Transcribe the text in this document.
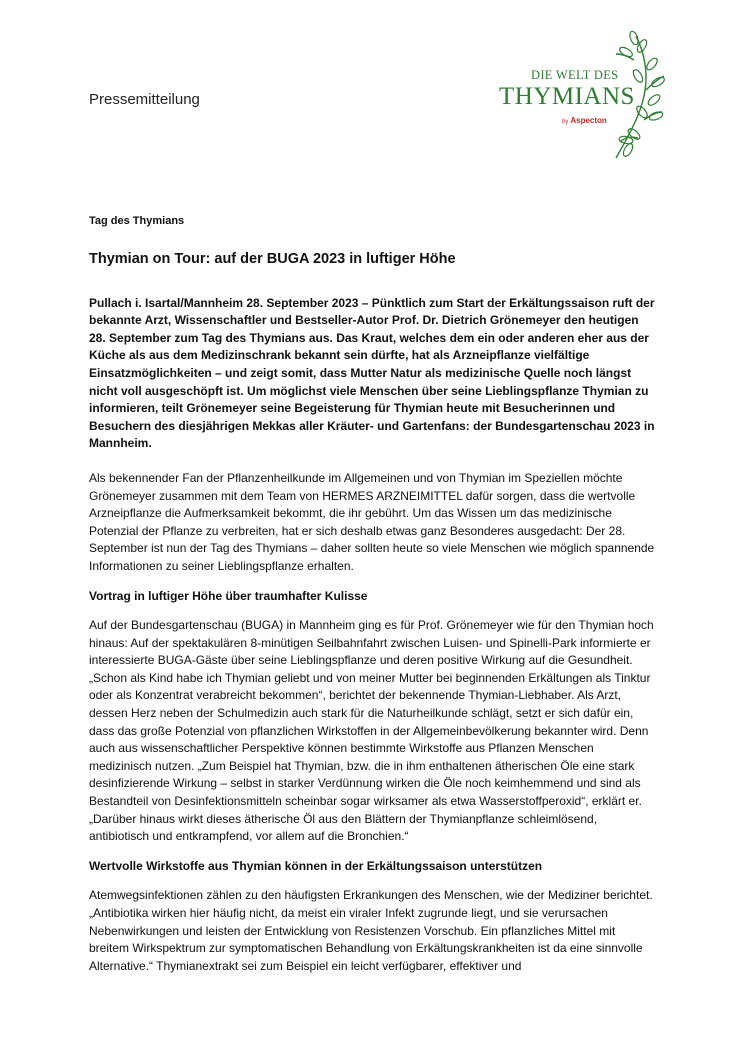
Pressemitteilung
DIE WELT DES
THYMIANS
by Aspecton

Tag des Thymians

Thymian on Tour: auf der BUGA 2023 in luftiger Höhe

Pullach i. Isartal/Mannheim 28. September 2023 – Pünktlich zum Start der Erkältungssaison ruft der bekannte Arzt, Wissenschaftler und Bestseller-Autor Prof. Dr. Dietrich Grönemeyer den heutigen 28. September zum Tag des Thymians aus. Das Kraut, welches dem ein oder anderen eher aus der Küche als aus dem Medizinschrank bekannt sein dürfte, hat als Arzneipflanze vielfältige Einsatzmöglichkeiten – und zeigt somit, dass Mutter Natur als medizinische Quelle noch längst nicht voll ausgeschöpft ist. Um möglichst viele Menschen über seine Lieblingspflanze Thymian zu informieren, teilt Grönemeyer seine Begeisterung für Thymian heute mit Besucherinnen und Besuchern des diesjährigen Mekkas aller Kräuter- und Gartenfans: der Bundesgartenschau 2023 in Mannheim.

Als bekennender Fan der Pflanzenheilkunde im Allgemeinen und von Thymian im Speziellen möchte Grönemeyer zusammen mit dem Team von HERMES ARZNEIMITTEL dafür sorgen, dass die wertvolle Arzneipflanze die Aufmerksamkeit bekommt, die ihr gebührt. Um das Wissen um das medizinische Potenzial der Pflanze zu verbreiten, hat er sich deshalb etwas ganz Besonderes ausgedacht: Der 28. September ist nun der Tag des Thymians – daher sollten heute so viele Menschen wie möglich spannende Informationen zu seiner Lieblingspflanze erhalten.

Vortrag in luftiger Höhe über traumhafter Kulisse

Auf der Bundesgartenschau (BUGA) in Mannheim ging es für Prof. Grönemeyer wie für den Thymian hoch hinaus: Auf der spektakulären 8-minütigen Seilbahnfahrt zwischen Luisen- und Spinelli-Park informierte er interessierte BUGA-Gäste über seine Lieblingspflanze und deren positive Wirkung auf die Gesundheit. „Schon als Kind habe ich Thymian geliebt und von meiner Mutter bei beginnenden Erkältungen als Tinktur oder als Konzentrat verabreicht bekommen“, berichtet der bekennende Thymian-Liebhaber. Als Arzt, dessen Herz neben der Schulmedizin auch stark für die Naturheilkunde schlägt, setzt er sich dafür ein, dass das große Potenzial von pflanzlichen Wirkstoffen in der Allgemeinbevölkerung bekannter wird. Denn auch aus wissenschaftlicher Perspektive können bestimmte Wirkstoffe aus Pflanzen Menschen medizinisch nutzen. „Zum Beispiel hat Thymian, bzw. die in ihm enthaltenen ätherischen Öle eine stark desinfizierende Wirkung – selbst in starker Verdünnung wirken die Öle noch keimhemmend und sind als Bestandteil von Desinfektionsmitteln scheinbar sogar wirksamer als etwa Wasserstoffperoxid“, erklärt er. „Darüber hinaus wirkt dieses ätherische Öl aus den Blättern der Thymianpflanze schleimlösend, antibiotisch und entkrampfend, vor allem auf die Bronchien.“

Wertvolle Wirkstoffe aus Thymian können in der Erkältungssaison unterstützen

Atemwegsinfektionen zählen zu den häufigsten Erkrankungen des Menschen, wie der Mediziner berichtet. „Antibiotika wirken hier häufig nicht, da meist ein viraler Infekt zugrunde liegt, und sie verursachen Nebenwirkungen und leisten der Entwicklung von Resistenzen Vorschub. Ein pflanzliches Mittel mit breitem Wirkspektrum zur symptomatischen Behandlung von Erkältungskrankheiten ist da eine sinnvolle Alternative.“ Thymianextrakt sei zum Beispiel ein leicht verfügbarer, effektiver und
